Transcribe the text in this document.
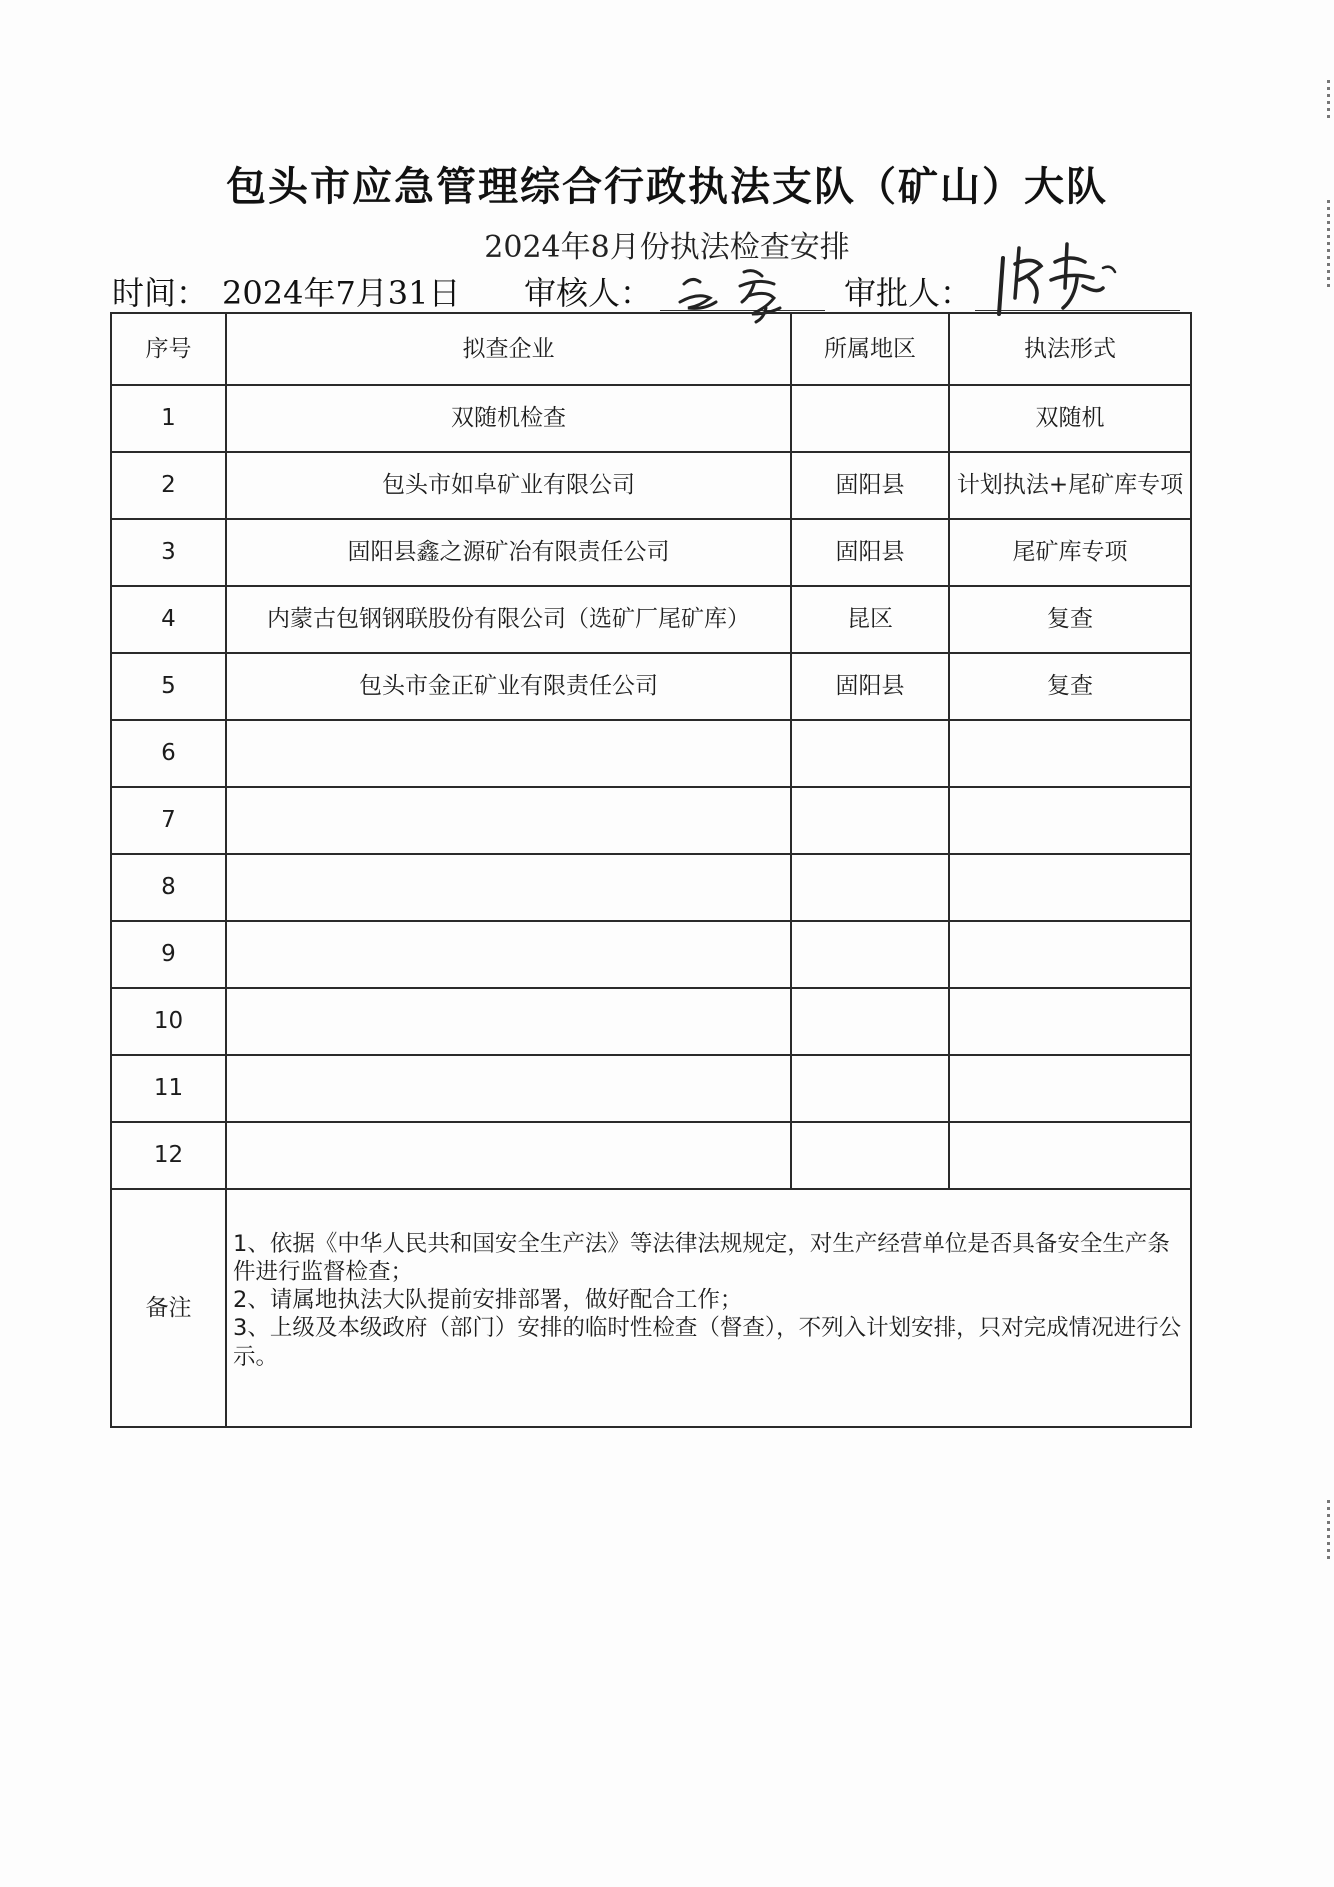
包头市应急管理综合行政执法支队（矿山）大队
2024年8月份执法检查安排
时间： 2024年7月31日 审核人：	审批人：
序号	拟查企业	所属地区	执法形式
1	双随机检查		双随机
2	包头市如阜矿业有限公司	固阳县	计划执法+尾矿库专项
3	固阳县鑫之源矿冶有限责任公司	固阳县	尾矿库专项
4	内蒙古包钢钢联股份有限公司（选矿厂尾矿库）	昆区	复查
5	包头市金正矿业有限责任公司	固阳县	复查
6			
7			
8			
9			
10			
11			
12			
备注	1、依据《中华人民共和国安全生产法》等法律法规规定，对生产经营单位是否具备安全生产条件进行监督检查；
2、请属地执法大队提前安排部署，做好配合工作；
3、上级及本级政府（部门）安排的临时性检查（督查），不列入计划安排，只对完成情况进行公示。		
